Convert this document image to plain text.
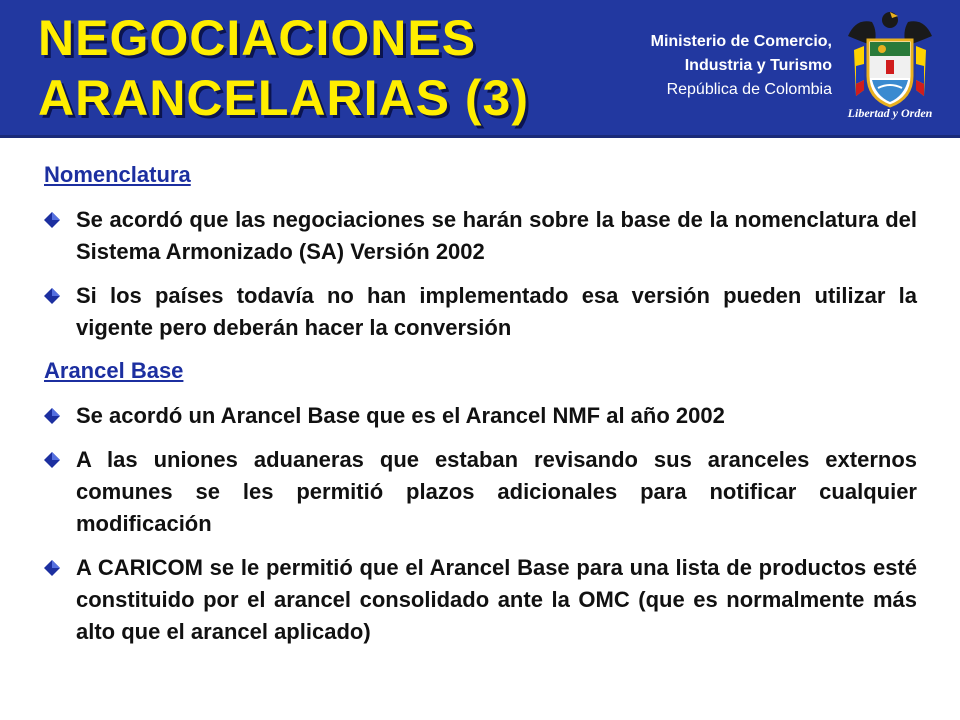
NEGOCIACIONES
ARANCELARIAS (3)
Ministerio de Comercio,
Industria y Turismo
República de Colombia
Libertad y Orden
Nomenclatura
Se acordó que las negociaciones se harán sobre la base de la nomenclatura del Sistema Armonizado (SA) Versión 2002
Si los países todavía no han implementado esa versión pueden utilizar la vigente pero deberán hacer la conversión
Arancel Base
Se acordó un Arancel Base que es el Arancel NMF al año 2002
A las uniones aduaneras que estaban revisando sus aranceles externos comunes se les permitió plazos adicionales para notificar cualquier modificación
A CARICOM se le permitió que el Arancel Base para una lista de productos esté constituido por el arancel consolidado ante la OMC (que es normalmente más alto que el arancel aplicado)
